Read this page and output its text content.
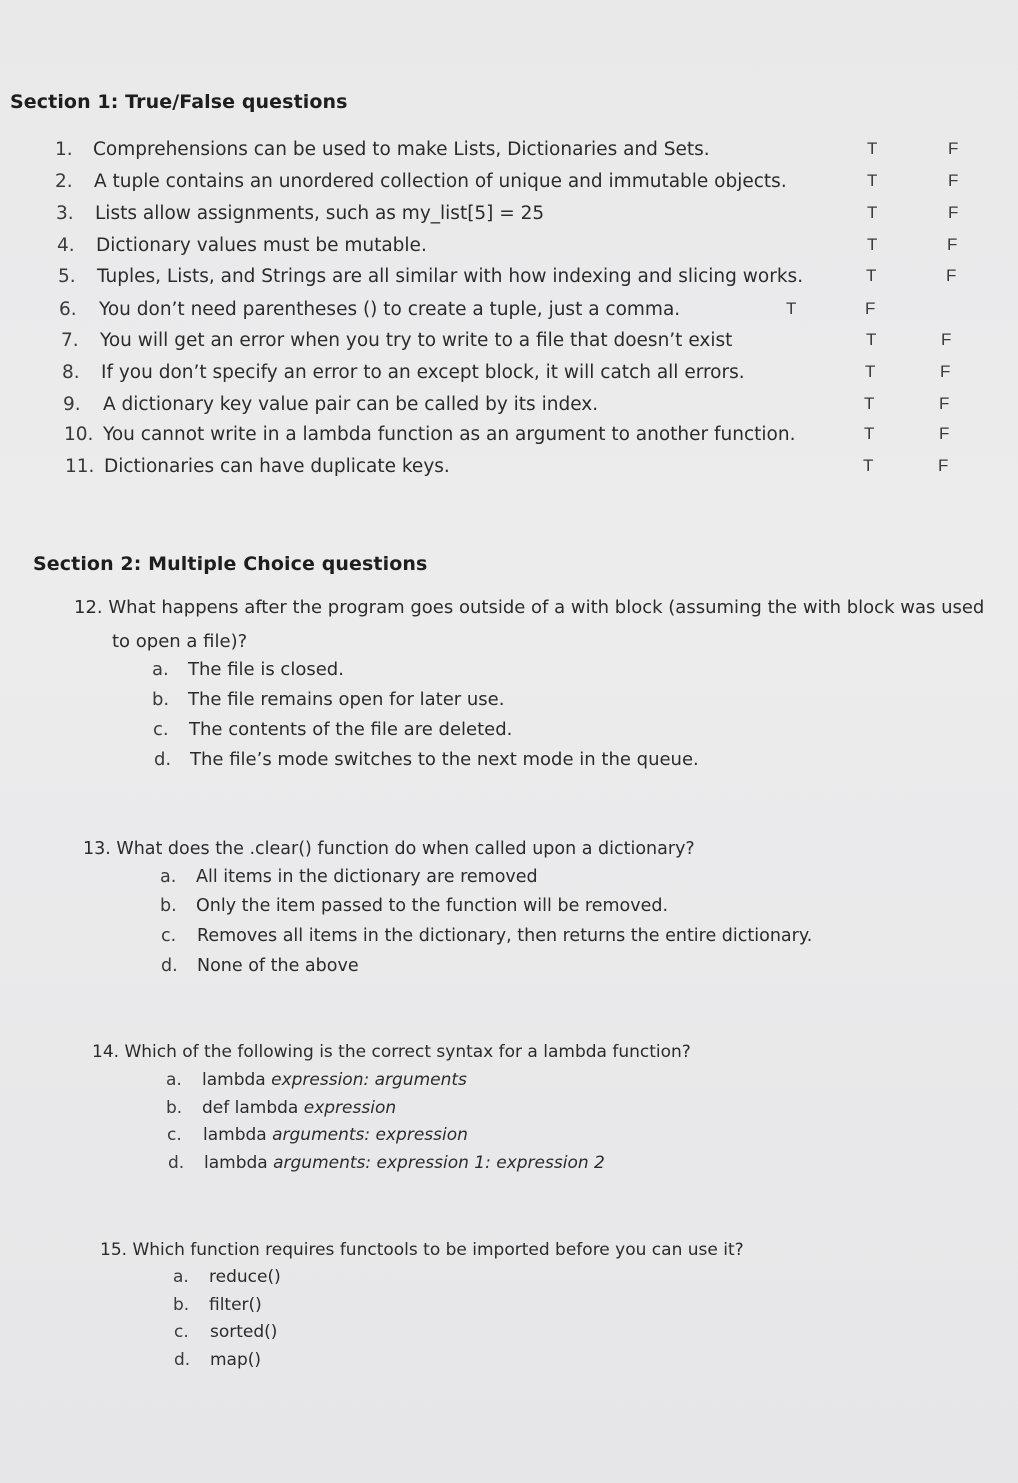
Section 1: True/False questions
1. Comprehensions can be used to make Lists, Dictionaries and Sets.	T	F
2. A tuple contains an unordered collection of unique and immutable objects.	T	F
3. Lists allow assignments, such as my_list[5] = 25	T	F
4. Dictionary values must be mutable.	T	F
5. Tuples, Lists, and Strings are all similar with how indexing and slicing works.	T	F
6. You don’t need parentheses () to create a tuple, just a comma.	T	F
7. You will get an error when you try to write to a file that doesn’t exist	T	F
8. If you don’t specify an error to an except block, it will catch all errors.	T	F
9. A dictionary key value pair can be called by its index.	T	F
10. You cannot write in a lambda function as an argument to another function.	T	F
11. Dictionaries can have duplicate keys.	T	F
Section 2: Multiple Choice questions
12. What happens after the program goes outside of a with block (assuming the with block was used
to open a file)?
a. The file is closed.
b. The file remains open for later use.
c. The contents of the file are deleted.
d. The file’s mode switches to the next mode in the queue.
13. What does the .clear() function do when called upon a dictionary?
a. All items in the dictionary are removed
b. Only the item passed to the function will be removed.
c. Removes all items in the dictionary, then returns the entire dictionary.
d. None of the above
14. Which of the following is the correct syntax for a lambda function?
a. lambda expression: arguments
b. def lambda expression
c. lambda arguments: expression
d. lambda arguments: expression 1: expression 2
15. Which function requires functools to be imported before you can use it?
a. reduce()
b. filter()
c. sorted()
d. map()
